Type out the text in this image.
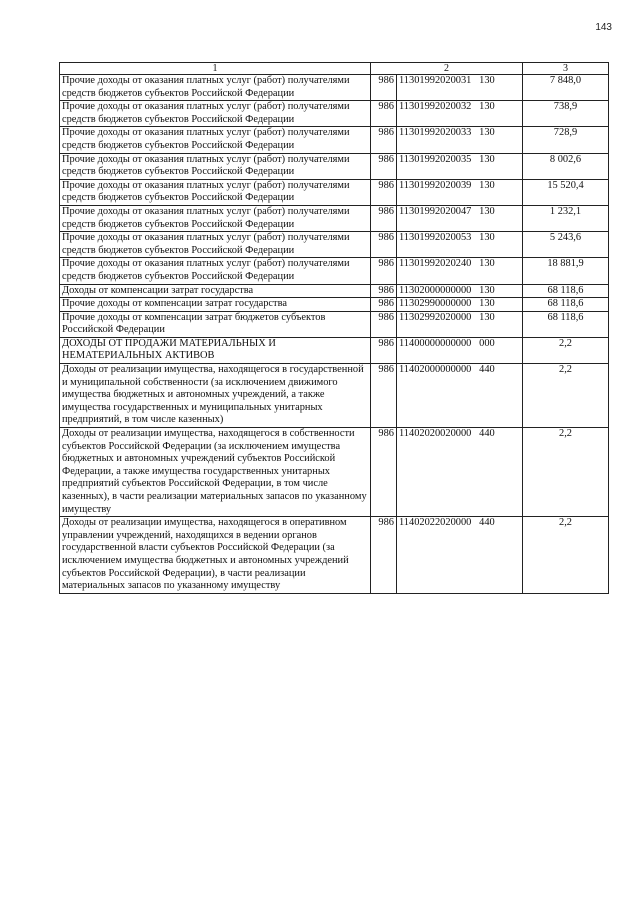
143
1	2		3
Прочие доходы от оказания платных услуг (работ) получателями средств бюджетов субъектов Российской Федерации	986	11301992020031 130	7 848,0
Прочие доходы от оказания платных услуг (работ) получателями средств бюджетов субъектов Российской Федерации	986	11301992020032 130	738,9
Прочие доходы от оказания платных услуг (работ) получателями средств бюджетов субъектов Российской Федерации	986	11301992020033 130	728,9
Прочие доходы от оказания платных услуг (работ) получателями средств бюджетов субъектов Российской Федерации	986	11301992020035 130	8 002,6
Прочие доходы от оказания платных услуг (работ) получателями средств бюджетов субъектов Российской Федерации	986	11301992020039 130	15 520,4
Прочие доходы от оказания платных услуг (работ) получателями средств бюджетов субъектов Российской Федерации	986	11301992020047 130	1 232,1
Прочие доходы от оказания платных услуг (работ) получателями средств бюджетов субъектов Российской Федерации	986	11301992020053 130	5 243,6
Прочие доходы от оказания платных услуг (работ) получателями средств бюджетов субъектов Российской Федерации	986	11301992020240 130	18 881,9
Доходы от компенсации затрат государства	986	11302000000000 130	68 118,6
Прочие доходы от компенсации затрат государства	986	11302990000000 130	68 118,6
Прочие доходы от компенсации затрат бюджетов субъектов Российской Федерации	986	11302992020000 130	68 118,6
ДОХОДЫ ОТ ПРОДАЖИ МАТЕРИАЛЬНЫХ И НЕМАТЕРИАЛЬНЫХ АКТИВОВ	986	11400000000000 000	2,2
Доходы от реализации имущества, находящегося в государственной и муниципальной собственности (за исключением движимого имущества бюджетных и автономных учреждений, а также имущества государственных и муниципальных унитарных предприятий, в том числе казенных)	986	11402000000000 440	2,2
Доходы от реализации имущества, находящегося в собственности субъектов Российской Федерации (за исключением имущества бюджетных и автономных учреждений субъектов Российской Федерации, а также имущества государственных унитарных предприятий субъектов Российской Федерации, в том числе казенных), в части реализации материальных запасов по указанному имуществу	986	11402020020000 440	2,2
Доходы от реализации имущества, находящегося в оперативном управлении учреждений, находящихся в ведении органов государственной власти субъектов Российской Федерации (за исключением имущества бюджетных и автономных учреждений субъектов Российской Федерации), в части реализации материальных запасов по указанному имуществу	986	11402022020000 440	2,2
